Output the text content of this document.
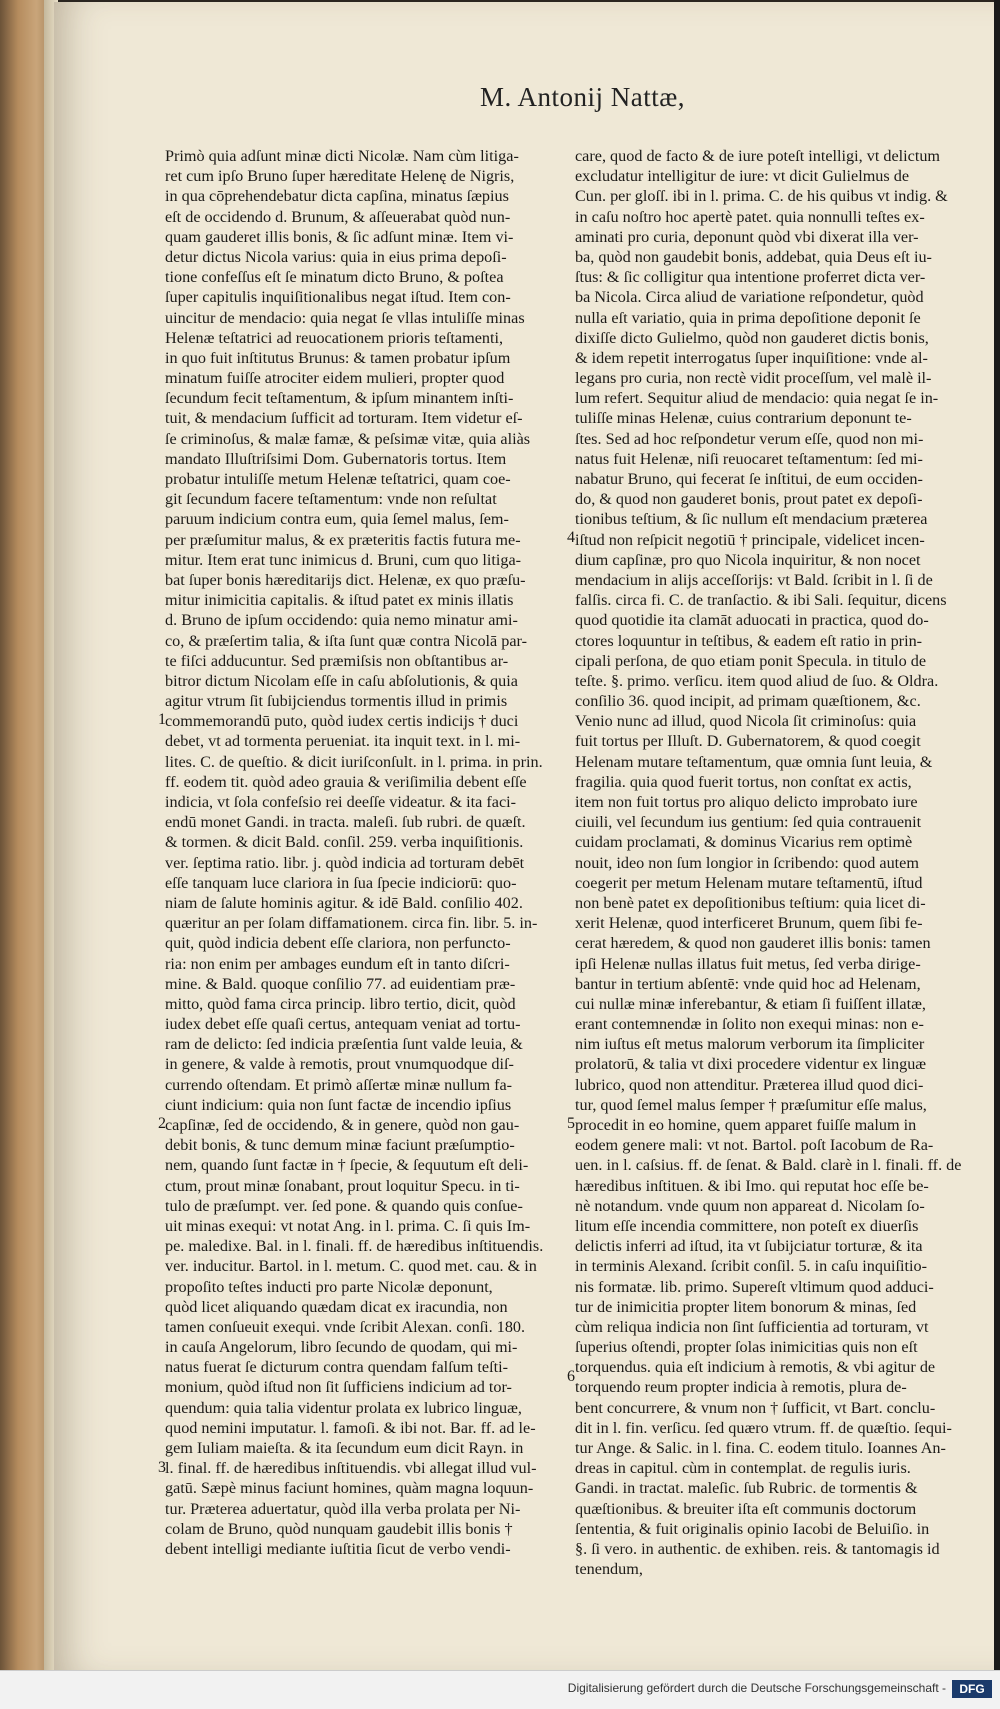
M. Antonij Nattæ,
Primò quia adſunt minæ dicti Nicolæ. Nam cùm litiga-
ret cum ipſo Bruno ſuper hæreditate Helenę de Nigris,
in qua cōprehendebatur dicta capſina, minatus ſæpius
eſt de occidendo d. Brunum, & aſſeuerabat quòd nun-
quam gauderet illis bonis, & ſic adſunt minæ. Item vi-
detur dictus Nicola varius: quia in eius prima depoſi-
tione confeſſus eſt ſe minatum dicto Bruno, & poſtea
ſuper capitulis inquiſitionalibus negat iſtud. Item con-
uincitur de mendacio: quia negat ſe vllas intuliſſe minas
Helenæ teſtatrici ad reuocationem prioris teſtamenti,
in quo fuit inſtitutus Brunus: & tamen probatur ipſum
minatum fuiſſe atrociter eidem mulieri, propter quod
ſecundum fecit teſtamentum, & ipſum minantem inſti-
tuit, & mendacium ſufficit ad torturam. Item videtur eſ-
ſe criminoſus, & malæ famæ, & peſsimæ vitæ, quia aliàs
mandato Illuſtriſsimi Dom. Gubernatoris tortus. Item
probatur intuliſſe metum Helenæ teſtatrici, quam coe-
git ſecundum facere teſtamentum: vnde non reſultat
paruum indicium contra eum, quia ſemel malus, ſem-
per præſumitur malus, & ex præteritis factis futura me-
mitur. Item erat tunc inimicus d. Bruni, cum quo litiga-
bat ſuper bonis hæreditarijs dict. Helenæ, ex quo præſu-
mitur inimicitia capitalis. & iſtud patet ex minis illatis
d. Bruno de ipſum occidendo: quia nemo minatur ami-
co, & præſertim talia, & iſta ſunt quæ contra Nicolā par-
te fiſci adducuntur. Sed præmiſsis non obſtantibus ar-
bitror dictum Nicolam eſſe in caſu abſolutionis, & quia
agitur vtrum ſit ſubijciendus tormentis illud in primis
commemorandū puto, quòd iudex certis indicijs † duci
debet, vt ad tormenta perueniat. ita inquit text. in l. mi-
lites. C. de queſtio. & dicit iuriſconſult. in l. prima. in prin.
ff. eodem tit. quòd adeo grauia & veriſimilia debent eſſe
indicia, vt ſola confeſsio rei deeſſe videatur. & ita faci-
endū monet Gandi. in tracta. maleſi. ſub rubri. de quæſt.
& tormen. & dicit Bald. conſil. 259. verba inquiſitionis.
ver. ſeptima ratio. libr. j. quòd indicia ad torturam debēt
eſſe tanquam luce clariora in ſua ſpecie indiciorū: quo-
niam de ſalute hominis agitur. & idē Bald. conſilio 402.
quæritur an per ſolam diffamationem. circa fin. libr. 5. in-
quit, quòd indicia debent eſſe clariora, non perfuncto-
ria: non enim per ambages eundum eſt in tanto diſcri-
mine. & Bald. quoque conſilio 77. ad euidentiam præ-
mitto, quòd fama circa princip. libro tertio, dicit, quòd
iudex debet eſſe quaſi certus, antequam veniat ad tortu-
ram de delicto: ſed indicia præſentia ſunt valde leuia, &
in genere, & valde à remotis, prout vnumquodque diſ-
currendo oſtendam. Et primò aſſertæ minæ nullum fa-
ciunt indicium: quia non ſunt factæ de incendio ipſius
capſinæ, ſed de occidendo, & in genere, quòd non gau-
debit bonis, & tunc demum minæ faciunt præſumptio-
nem, quando ſunt factæ in † ſpecie, & ſequutum eſt deli-
ctum, prout minæ ſonabant, prout loquitur Specu. in ti-
tulo de præſumpt. ver. ſed pone. & quando quis conſue-
uit minas exequi: vt notat Ang. in l. prima. C. ſi quis Im-
pe. maledixe. Bal. in l. finali. ff. de hæredibus inſtituendis.
ver. inducitur. Bartol. in l. metum. C. quod met. cau. & in
propoſito teſtes inducti pro parte Nicolæ deponunt,
quòd licet aliquando quædam dicat ex iracundia, non
tamen conſueuit exequi. vnde ſcribit Alexan. conſi. 180.
in cauſa Angelorum, libro ſecundo de quodam, qui mi-
natus fuerat ſe dicturum contra quendam falſum teſti-
monium, quòd iſtud non ſit ſufficiens indicium ad tor-
quendum: quia talia videntur prolata ex lubrico linguæ,
quod nemini imputatur. l. famoſi. & ibi not. Bar. ff. ad le-
gem Iuliam maieſta. & ita ſecundum eum dicit Rayn. in
l. final. ff. de hæredibus inſtituendis. vbi allegat illud vul-
gatū. Sæpè minus faciunt homines, quàm magna loquun-
tur. Præterea aduertatur, quòd illa verba prolata per Ni-
colam de Bruno, quòd nunquam gaudebit illis bonis †
debent intelligi mediante iuſtitia ſicut de verbo vendi-
care, quod de facto & de iure poteſt intelligi, vt delictum
excludatur intelligitur de iure: vt dicit Gulielmus de
Cun. per gloſſ. ibi in l. prima. C. de his quibus vt indig. &
in caſu noſtro hoc apertè patet. quia nonnulli teſtes ex-
aminati pro curia, deponunt quòd vbi dixerat illa ver-
ba, quòd non gaudebit bonis, addebat, quia Deus eſt iu-
ſtus: & ſic colligitur qua intentione proferret dicta ver-
ba Nicola. Circa aliud de variatione reſpondetur, quòd
nulla eſt variatio, quia in prima depoſitione deponit ſe
dixiſſe dicto Gulielmo, quòd non gauderet dictis bonis,
& idem repetit interrogatus ſuper inquiſitione: vnde al-
legans pro curia, non rectè vidit proceſſum, vel malè il-
lum refert. Sequitur aliud de mendacio: quia negat ſe in-
tuliſſe minas Helenæ, cuius contrarium deponunt te-
ſtes. Sed ad hoc reſpondetur verum eſſe, quod non mi-
natus fuit Helenæ, niſi reuocaret teſtamentum: ſed mi-
nabatur Bruno, qui fecerat ſe inſtitui, de eum occiden-
do, & quod non gauderet bonis, prout patet ex depoſi-
tionibus teſtium, & ſic nullum eſt mendacium præterea
iſtud non reſpicit negotiū † principale, videlicet incen-
dium capſinæ, pro quo Nicola inquiritur, & non nocet
mendacium in alijs acceſſorijs: vt Bald. ſcribit in l. ſi de
falſis. circa fi. C. de tranſactio. & ibi Sali. ſequitur, dicens
quod quotidie ita clamāt aduocati in practica, quod do-
ctores loquuntur in teſtibus, & eadem eſt ratio in prin-
cipali perſona, de quo etiam ponit Specula. in titulo de
teſte. §. primo. verſicu. item quod aliud de ſuo. & Oldra.
conſilio 36. quod incipit, ad primam quæſtionem, &c.
Venio nunc ad illud, quod Nicola ſit criminoſus: quia
fuit tortus per Illuſt. D. Gubernatorem, & quod coegit
Helenam mutare teſtamentum, quæ omnia ſunt leuia, &
fragilia. quia quod fuerit tortus, non conſtat ex actis,
item non fuit tortus pro aliquo delicto improbato iure
ciuili, vel ſecundum ius gentium: ſed quia contrauenit
cuidam proclamati, & dominus Vicarius rem optimè
nouit, ideo non ſum longior in ſcribendo: quod autem
coegerit per metum Helenam mutare teſtamentū, iſtud
non benè patet ex depoſitionibus teſtium: quia licet di-
xerit Helenæ, quod interficeret Brunum, quem ſibi fe-
cerat hæredem, & quod non gauderet illis bonis: tamen
ipſi Helenæ nullas illatus fuit metus, ſed verba dirige-
bantur in tertium abſentē: vnde quid hoc ad Helenam,
cui nullæ minæ inferebantur, & etiam ſi fuiſſent illatæ,
erant contemnendæ in ſolito non exequi minas: non e-
nim iuſtus eſt metus malorum verborum ita ſimpliciter
prolatorū, & talia vt dixi procedere videntur ex linguæ
lubrico, quod non attenditur. Præterea illud quod dici-
tur, quod ſemel malus ſemper † præſumitur eſſe malus,
procedit in eo homine, quem apparet fuiſſe malum in
eodem genere mali: vt not. Bartol. poſt Iacobum de Ra-
uen. in l. caſsius. ff. de ſenat. & Bald. clarè in l. finali. ff. de
hæredibus inſtituen. & ibi Imo. qui reputat hoc eſſe be-
nè notandum. vnde quum non appareat d. Nicolam ſo-
litum eſſe incendia committere, non poteſt ex diuerſis
delictis inferri ad iſtud, ita vt ſubijciatur torturæ, & ita
in terminis Alexand. ſcribit conſil. 5. in caſu inquiſitio-
nis formatæ. lib. primo. Supereſt vltimum quod adduci-
tur de inimicitia propter litem bonorum & minas, ſed
cùm reliqua indicia non ſint ſufficientia ad torturam, vt
ſuperius oſtendi, propter ſolas inimicitias quis non eſt
torquendus. quia eſt indicium à remotis, & vbi agitur de
torquendo reum propter indicia à remotis, plura de-
bent concurrere, & vnum non † ſufficit, vt Bart. conclu-
dit in l. fin. verſicu. ſed quæro vtrum. ff. de quæſtio. ſequi-
tur Ange. & Salic. in l. fina. C. eodem titulo. Ioannes An-
dreas in capitul. cùm in contemplat. de regulis iuris.
Gandi. in tractat. maleſic. ſub Rubric. de tormentis &
quæſtionibus. & breuiter iſta eſt communis doctorum
ſententia, & fuit originalis opinio Iacobi de Beluiſio. in
§. ſi vero. in authentic. de exhiben. reis. & tantomagis id
tenendum,
1
2
3
4
5
6
Digitalisierung gefördert durch die Deutsche Forschungsgemeinschaft -	DFG
